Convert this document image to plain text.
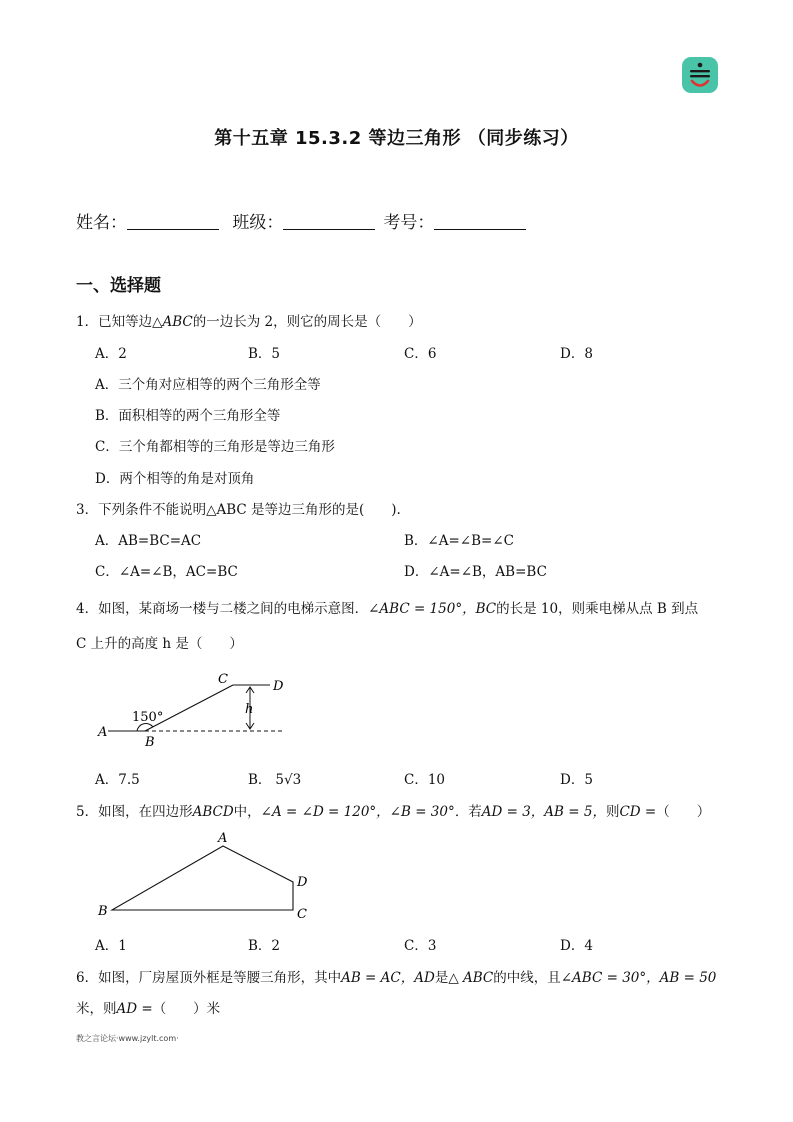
第十五章 15.3.2 等边三角形 （同步练习）
姓名：	班级：	考号：
一、选择题
1．已知等边△ABC的一边长为 2，则它的周长是（　　）
A．2	B．5	C．6	D．8
A．三个角对应相等的两个三角形全等
B．面积相等的两个三角形全等
C．三个角都相等的三角形是等边三角形
D．两个相等的角是对顶角
3．下列条件不能说明△ABC 是等边三角形的是(　　).
A．AB=BC=AC	B．∠A=∠B=∠C
C．∠A=∠B，AC=BC	D．∠A=∠B，AB=BC
4．如图，某商场一楼与二楼之间的电梯示意图．∠ABC = 150°，BC的长是 10，则乘电梯从点 B 到点
C 上升的高度 h 是（　　）
A
B
C	D
h
150°
A．7.5	B． 5√3	C．10	D．5
5．如图，在四边形ABCD中，∠A = ∠D = 120°，∠B = 30°．若AD = 3，AB = 5，则CD =（　　）
B
A
D
C
A．1	B．2	C．3	D．4
6．如图，厂房屋顶外框是等腰三角形，其中AB = AC，AD是△ ABC的中线，且∠ABC = 30°，AB = 50
米，则AD =（　　）米
教之言论坛·www.jzylt.com·
